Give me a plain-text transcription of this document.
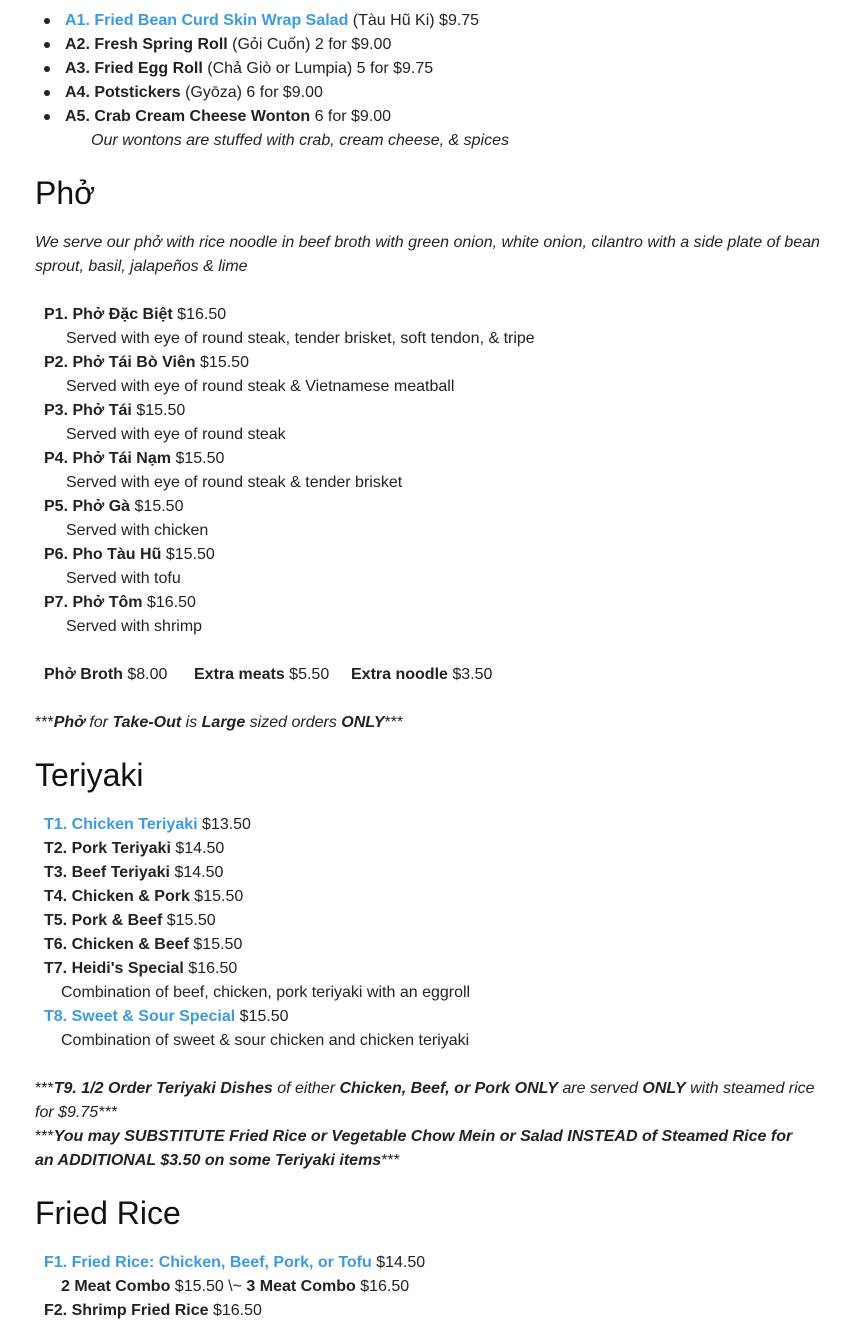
A1. Fried Bean Curd Skin Wrap Salad (Tàu Hũ Ki) $9.75
A2. Fresh Spring Roll (Gỏi Cuốn) 2 for $9.00
A3. Fried Egg Roll (Chả Giò or Lumpia) 5 for $9.75
A4. Potstickers (Gyōza) 6 for $9.00
A5. Crab Cream Cheese Wonton 6 for $9.00
Our wontons are stuffed with crab, cream cheese, & spices
Phở
We serve our phở with rice noodle in beef broth with green onion, white onion, cilantro with a side plate of bean sprout, basil, jalapeños & lime
P1. Phở Đặc Biệt $16.50
Served with eye of round steak, tender brisket, soft tendon, & tripe
P2. Phở Tái Bò Viên $15.50
Served with eye of round steak & Vietnamese meatball
P3. Phở Tái $15.50
Served with eye of round steak
P4. Phở Tái Nạm $15.50
Served with eye of round steak & tender brisket
P5. Phở Gà $15.50
Served with chicken
P6. Pho Tàu Hũ $15.50
Served with tofu
P7. Phở Tôm $16.50
Served with shrimp
Phở Broth $8.00 Extra meats $5.50 Extra noodle $3.50
***Phở for Take-Out is Large sized orders ONLY***
Teriyaki
T1. Chicken Teriyaki $13.50
T2. Pork Teriyaki $14.50
T3. Beef Teriyaki $14.50
T4. Chicken & Pork $15.50
T5. Pork & Beef $15.50
T6. Chicken & Beef $15.50
T7. Heidi's Special $16.50
Combination of beef, chicken, pork teriyaki with an eggroll
T8. Sweet & Sour Special $15.50
Combination of sweet & sour chicken and chicken teriyaki
***T9. 1/2 Order Teriyaki Dishes of either Chicken, Beef, or Pork ONLY are served ONLY with steamed rice for $9.75***
***You may SUBSTITUTE Fried Rice or Vegetable Chow Mein or Salad INSTEAD of Steamed Rice for an ADDITIONAL $3.50 on some Teriyaki items***
Fried Rice
F1. Fried Rice: Chicken, Beef, Pork, or Tofu $14.50
2 Meat Combo $15.50 \~ 3 Meat Combo $16.50
F2. Shrimp Fried Rice $16.50
